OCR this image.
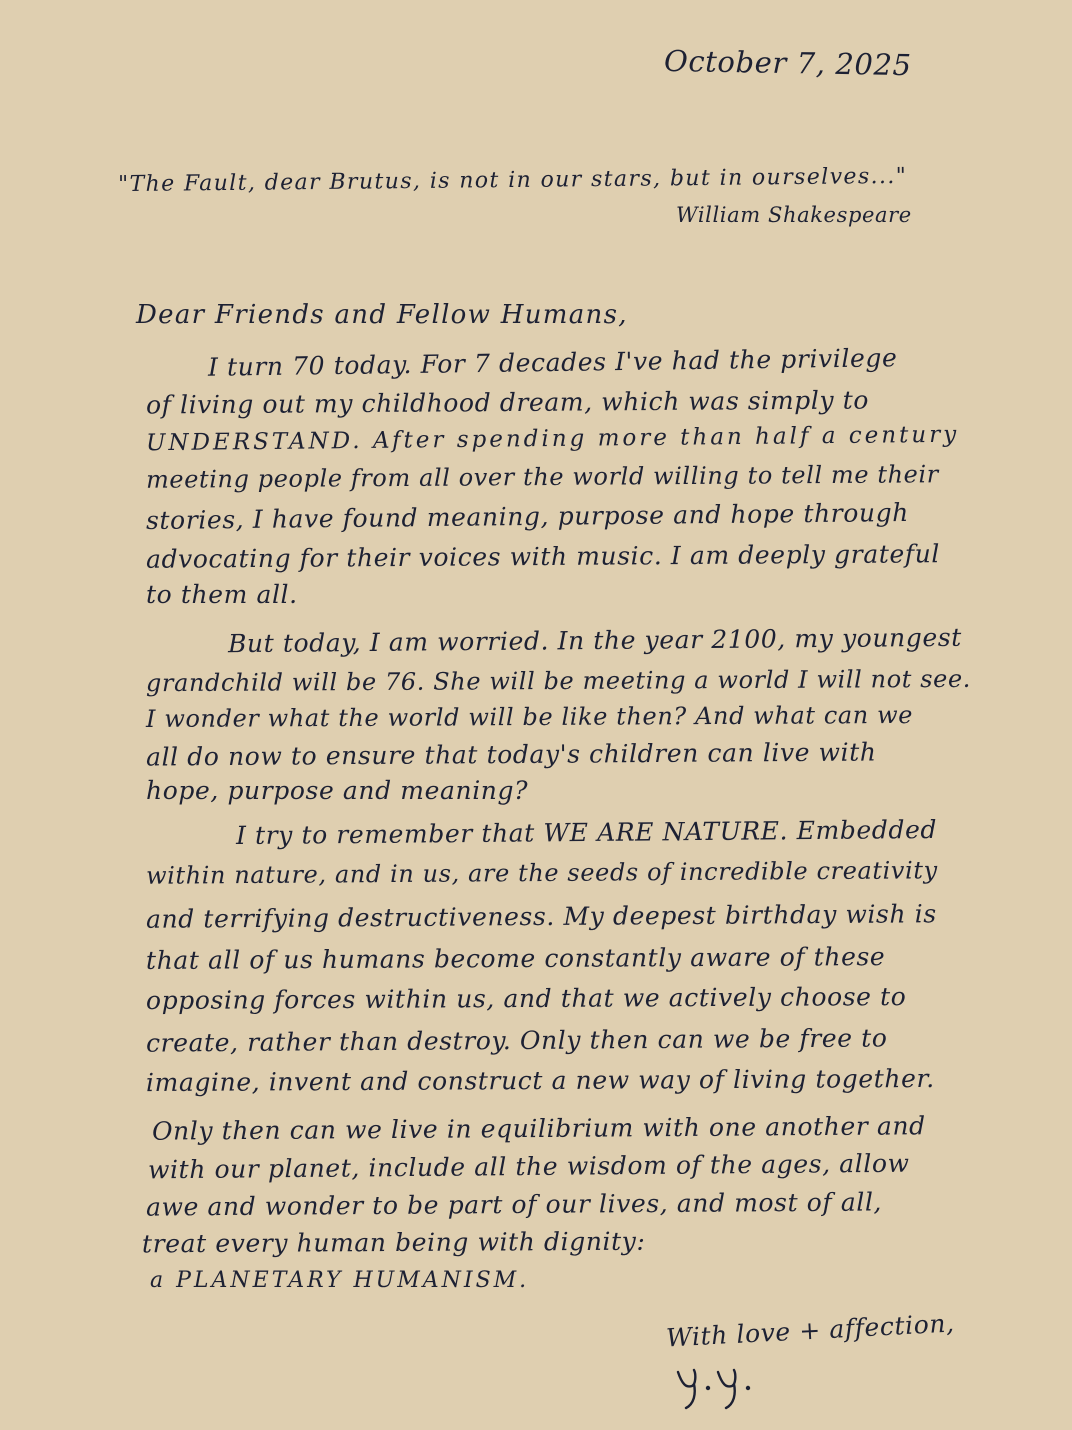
October 7, 2025
"The Fault, dear Brutus, is not in our stars, but in ourselves..."
William Shakespeare
Dear Friends and Fellow Humans,
I turn 70 today. For 7 decades I've had the privilege
of living out my childhood dream, which was simply to
UNDERSTAND. After spending more than half a century
meeting people from all over the world willing to tell me their
stories, I have found meaning, purpose and hope through
advocating for their voices with music. I am deeply grateful
to them all.
But today, I am worried. In the year 2100, my youngest
grandchild will be 76. She will be meeting a world I will not see.
I wonder what the world will be like then? And what can we
all do now to ensure that today's children can live with
hope, purpose and meaning?
I try to remember that WE ARE NATURE. Embedded
within nature, and in us, are the seeds of incredible creativity
and terrifying destructiveness. My deepest birthday wish is
that all of us humans become constantly aware of these
opposing forces within us, and that we actively choose to
create, rather than destroy. Only then can we be free to
imagine, invent and construct a new way of living together.
Only then can we live in equilibrium with one another and
with our planet, include all the wisdom of the ages, allow
awe and wonder to be part of our lives, and most of all,
treat every human being with dignity:
a PLANETARY HUMANISM.
With love + affection,
